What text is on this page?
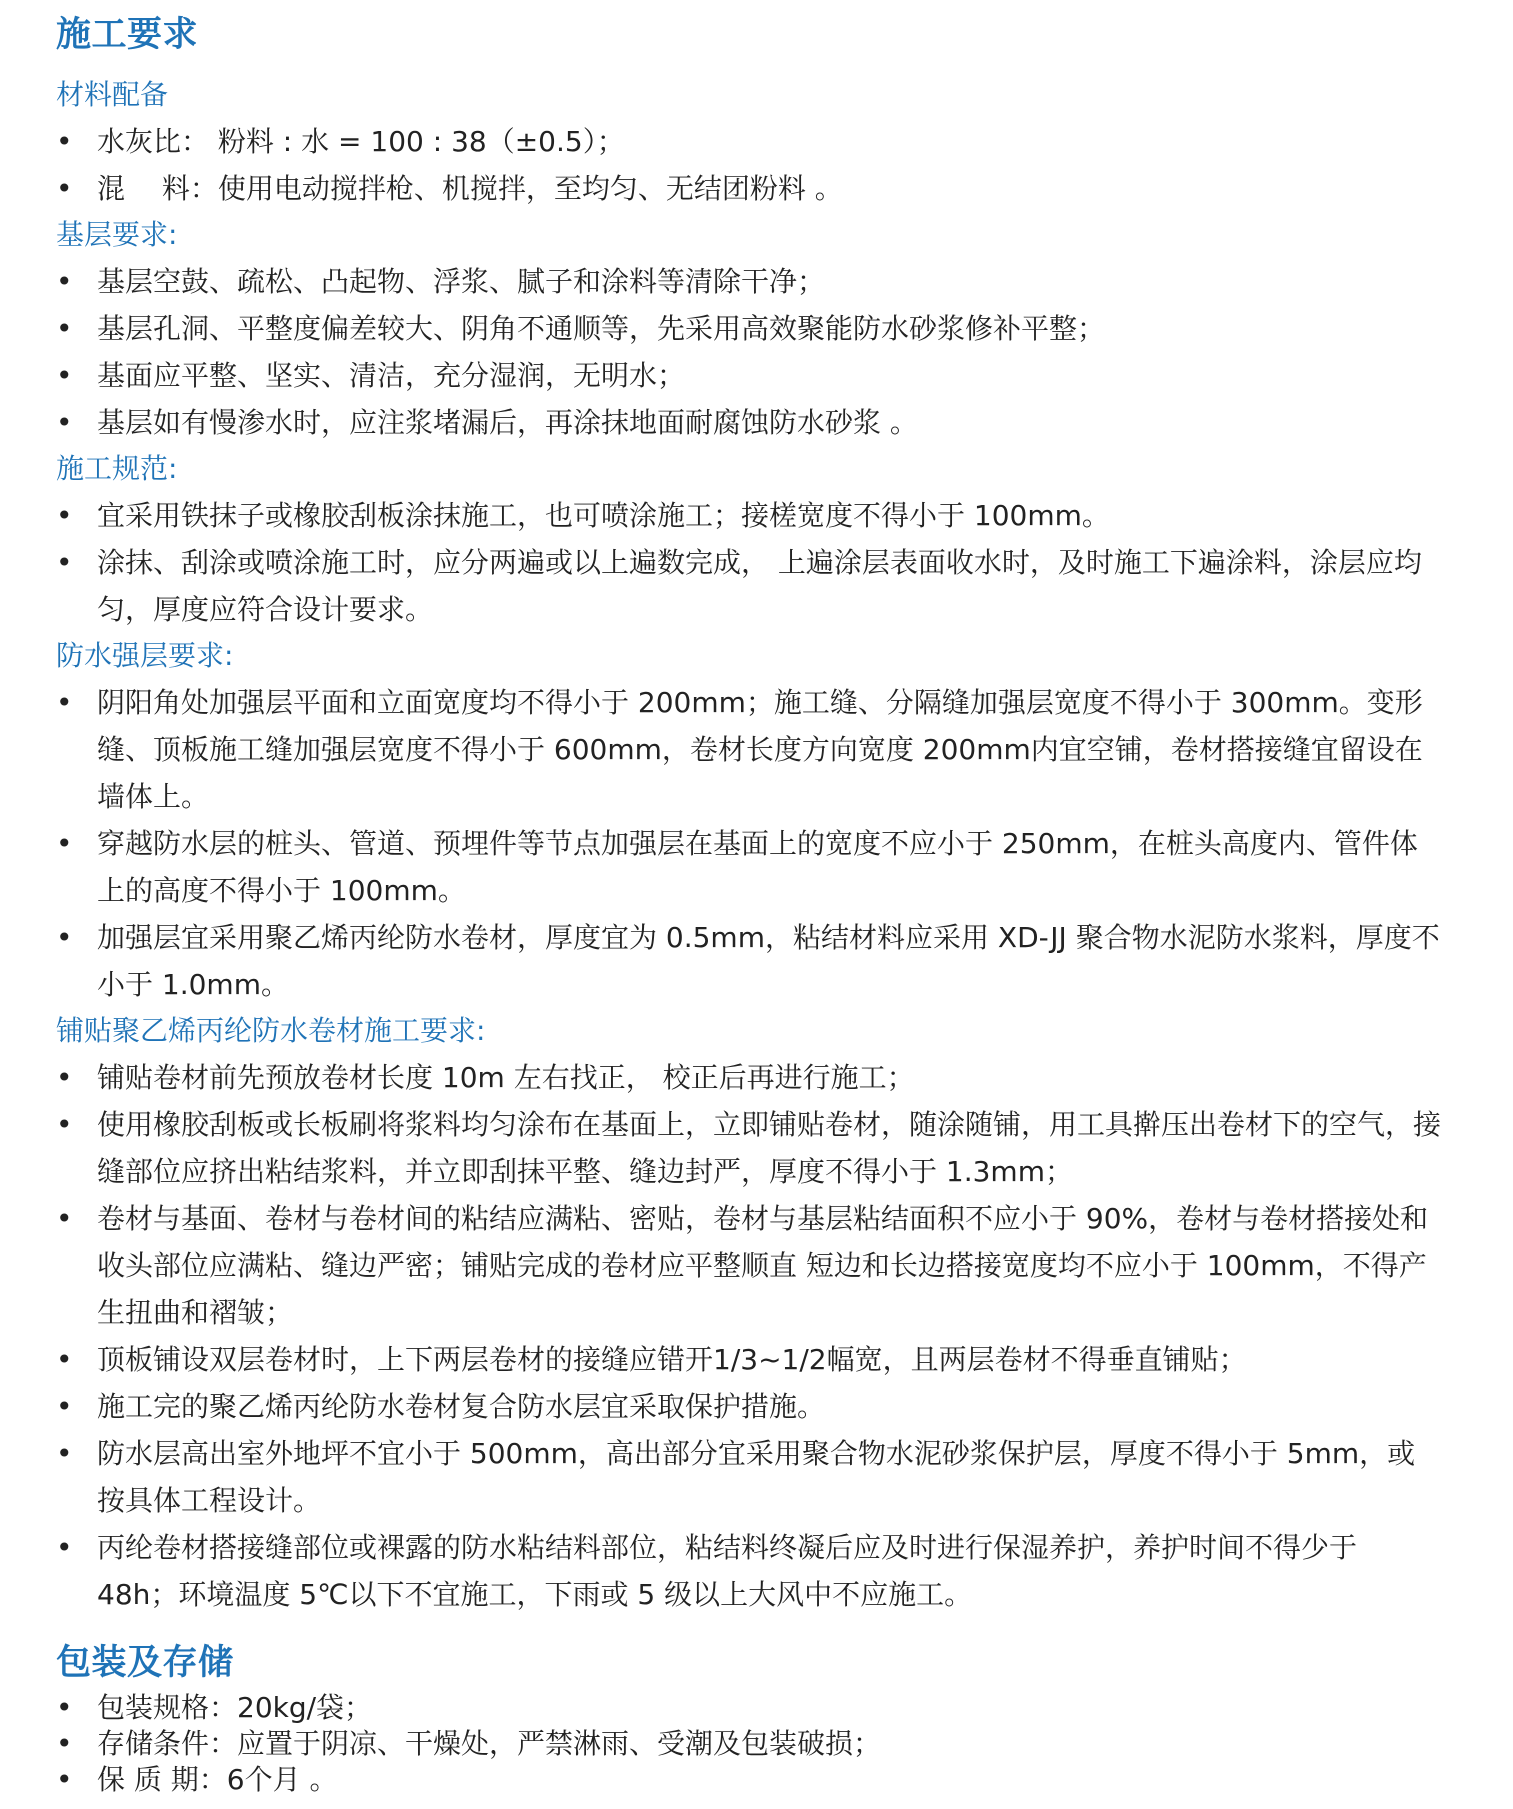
施工要求
材料配备
• 水灰比： 粉料 : 水 = 100 : 38（±0.5）；
• 混　 料：使用电动搅拌枪、机搅拌，至均匀、无结团粉料 。
基层要求:
• 基层空鼓、疏松、凸起物、浮浆、腻子和涂料等清除干净；
• 基层孔洞、平整度偏差较大、阴角不通顺等，先采用高效聚能防水砂浆修补平整；
• 基面应平整、坚实、清洁，充分湿润，无明水；
• 基层如有慢渗水时，应注浆堵漏后，再涂抹地面耐腐蚀防水砂浆 。
施工规范:
• 宜采用铁抹子或橡胶刮板涂抹施工，也可喷涂施工；接槎宽度不得小于 100mm。
• 涂抹、刮涂或喷涂施工时，应分两遍或以上遍数完成， 上遍涂层表面收水时，及时施工下遍涂料，涂层应均匀，厚度应符合设计要求。
防水强层要求:
• 阴阳角处加强层平面和立面宽度均不得小于 200mm；施工缝、分隔缝加强层宽度不得小于 300mm。变形缝、顶板施工缝加强层宽度不得小于 600mm，卷材长度方向宽度 200mm内宜空铺，卷材搭接缝宜留设在墙体上。
• 穿越防水层的桩头、管道、预埋件等节点加强层在基面上的宽度不应小于 250mm，在桩头高度内、管件体上的高度不得小于 100mm。
• 加强层宜采用聚乙烯丙纶防水卷材，厚度宜为 0.5mm，粘结材料应采用 XD-JJ 聚合物水泥防水浆料，厚度不小于 1.0mm。
铺贴聚乙烯丙纶防水卷材施工要求:
• 铺贴卷材前先预放卷材长度 10m 左右找正， 校正后再进行施工；
• 使用橡胶刮板或长板刷将浆料均匀涂布在基面上，立即铺贴卷材，随涂随铺，用工具擀压出卷材下的空气，接缝部位应挤出粘结浆料，并立即刮抹平整、缝边封严，厚度不得小于 1.3mm；
• 卷材与基面、卷材与卷材间的粘结应满粘、密贴，卷材与基层粘结面积不应小于 90%，卷材与卷材搭接处和收头部位应满粘、缝边严密；铺贴完成的卷材应平整顺直 短边和长边搭接宽度均不应小于 100mm，不得产生扭曲和褶皱；
• 顶板铺设双层卷材时，上下两层卷材的接缝应错开1/3~1/2幅宽，且两层卷材不得垂直铺贴；
• 施工完的聚乙烯丙纶防水卷材复合防水层宜采取保护措施。
• 防水层高出室外地坪不宜小于 500mm，高出部分宜采用聚合物水泥砂浆保护层，厚度不得小于 5mm，或按具体工程设计。
• 丙纶卷材搭接缝部位或裸露的防水粘结料部位，粘结料终凝后应及时进行保湿养护，养护时间不得少于 48h；环境温度 5℃以下不宜施工，下雨或 5 级以上大风中不应施工。
包装及存储
• 包装规格：20kg/袋；
• 存储条件：应置于阴凉、干燥处，严禁淋雨、受潮及包装破损；
• 保 质 期：6个月 。
